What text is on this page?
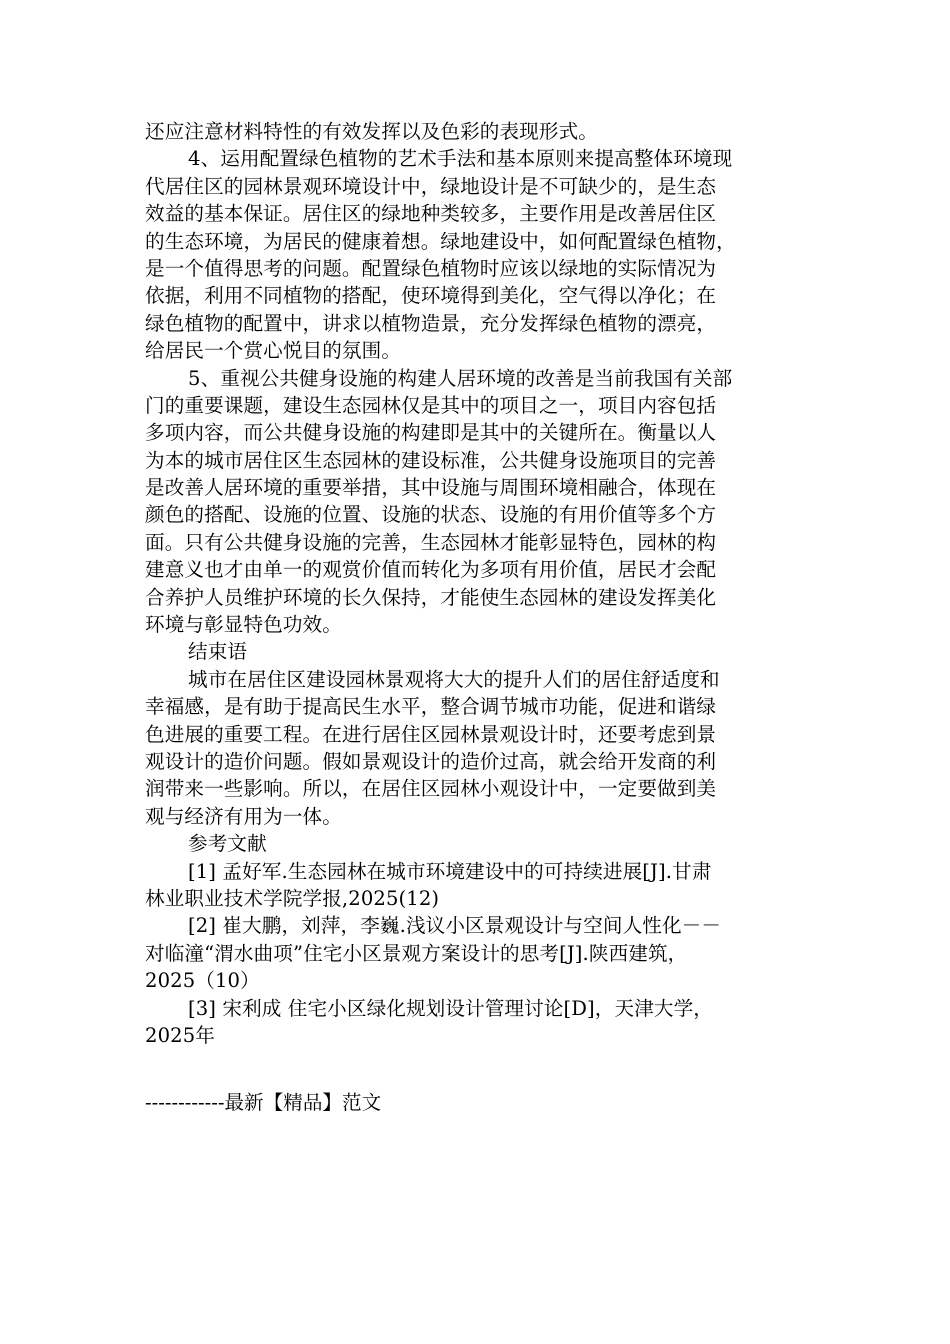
还应注意材料特性的有效发挥以及色彩的表现形式。
4、运用配置绿色植物的艺术手法和基本原则来提高整体环境现
代居住区的园林景观环境设计中，绿地设计是不可缺少的，是生态
效益的基本保证。居住区的绿地种类较多，主要作用是改善居住区
的生态环境，为居民的健康着想。绿地建设中，如何配置绿色植物，
是一个值得思考的问题。配置绿色植物时应该以绿地的实际情况为
依据，利用不同植物的搭配，使环境得到美化，空气得以净化；在
绿色植物的配置中，讲求以植物造景，充分发挥绿色植物的漂亮，
给居民一个赏心悦目的氛围。
5、重视公共健身设施的构建人居环境的改善是当前我国有关部
门的重要课题，建设生态园林仅是其中的项目之一，项目内容包括
多项内容，而公共健身设施的构建即是其中的关键所在。衡量以人
为本的城市居住区生态园林的建设标准，公共健身设施项目的完善
是改善人居环境的重要举措，其中设施与周围环境相融合，体现在
颜色的搭配、设施的位置、设施的状态、设施的有用价值等多个方
面。只有公共健身设施的完善，生态园林才能彰显特色，园林的构
建意义也才由单一的观赏价值而转化为多项有用价值，居民才会配
合养护人员维护环境的长久保持，才能使生态园林的建设发挥美化
环境与彰显特色功效。
结束语
城市在居住区建设园林景观将大大的提升人们的居住舒适度和
幸福感，是有助于提高民生水平，整合调节城市功能，促进和谐绿
色进展的重要工程。在进行居住区园林景观设计时，还要考虑到景
观设计的造价问题。假如景观设计的造价过高，就会给开发商的利
润带来一些影响。所以，在居住区园林小观设计中，一定要做到美
观与经济有用为一体。
参考文献
[1] 孟好军.生态园林在城市环境建设中的可持续进展[J].甘肃
林业职业技术学院学报,2025(12)
[2] 崔大鹏，刘萍，李巍.浅议小区景观设计与空间人性化－－
对临潼“渭水曲项”住宅小区景观方案设计的思考[J].陕西建筑，
2025（10）
[3] 宋利成 住宅小区绿化规划设计管理讨论[D]，天津大学，
2025年
------------最新【精品】范文
